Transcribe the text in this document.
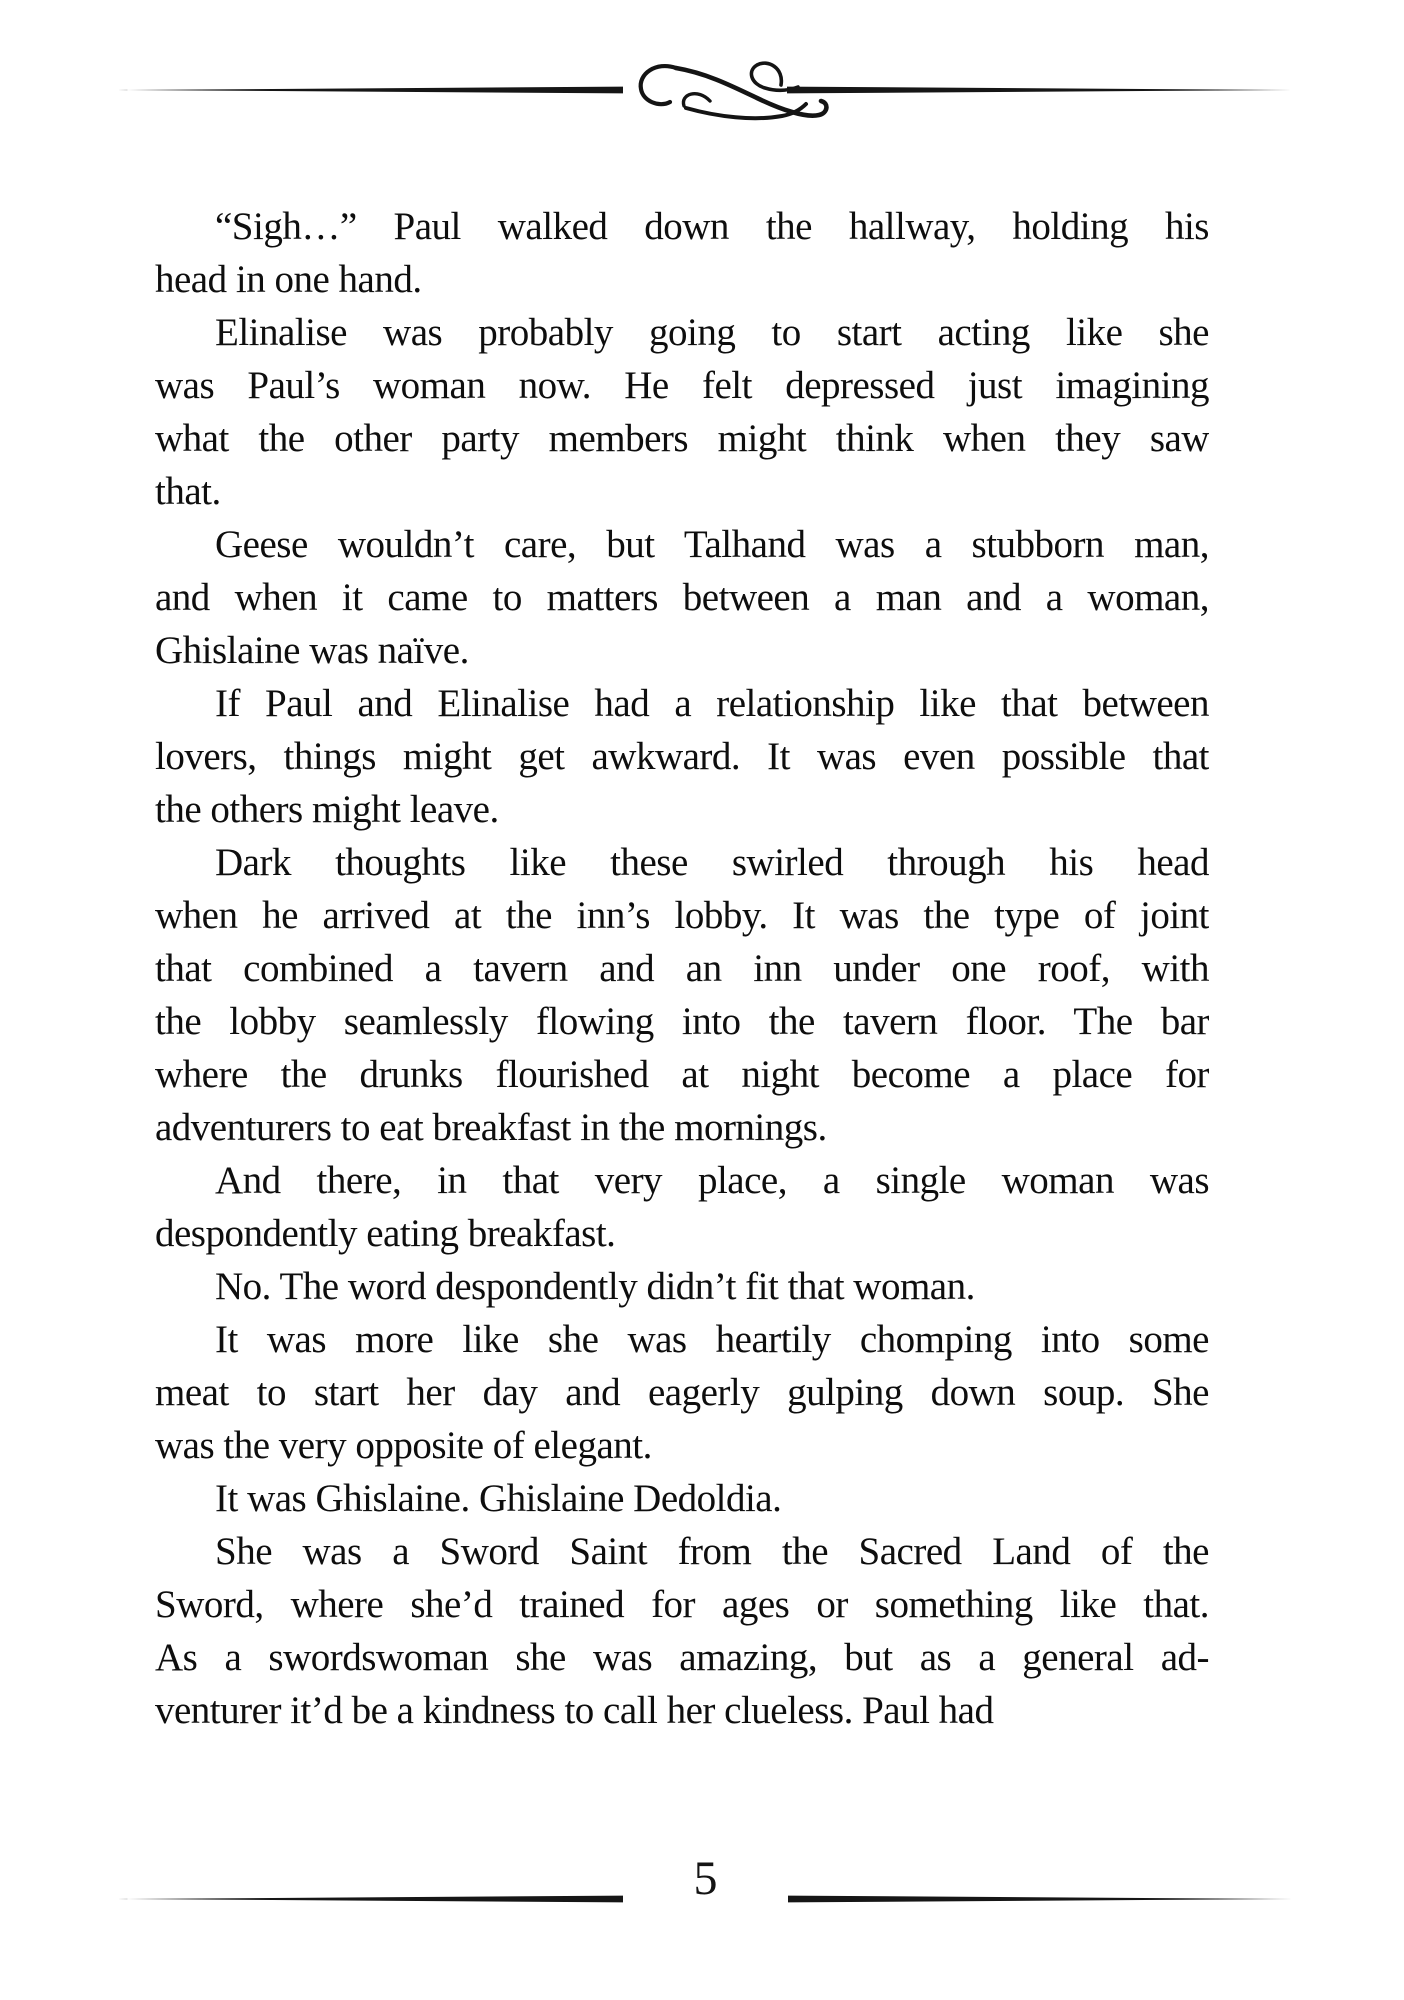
“Sigh…” Paul walked down the hallway, holding his
head in one hand.

Elinalise was probably going to start acting like she
was Paul’s woman now. He felt depressed just imagining
what the other party members might think when they saw
that.

Geese wouldn’t care, but Talhand was a stubborn man,
and when it came to matters between a man and a woman,
Ghislaine was naïve.

If Paul and Elinalise had a relationship like that between
lovers, things might get awkward. It was even possible that
the others might leave.

Dark thoughts like these swirled through his head
when he arrived at the inn’s lobby. It was the type of joint
that combined a tavern and an inn under one roof, with
the lobby seamlessly flowing into the tavern floor. The bar
where the drunks flourished at night become a place for
adventurers to eat breakfast in the mornings.

And there, in that very place, a single woman was
despondently eating breakfast.

No. The word despondently didn’t fit that woman.

It was more like she was heartily chomping into some
meat to start her day and eagerly gulping down soup. She
was the very opposite of elegant.

It was Ghislaine. Ghislaine Dedoldia.

She was a Sword Saint from the Sacred Land of the
Sword, where she’d trained for ages or something like that.
As a swordswoman she was amazing, but as a general ad-
venturer it’d be a kindness to call her clueless. Paul had

5
